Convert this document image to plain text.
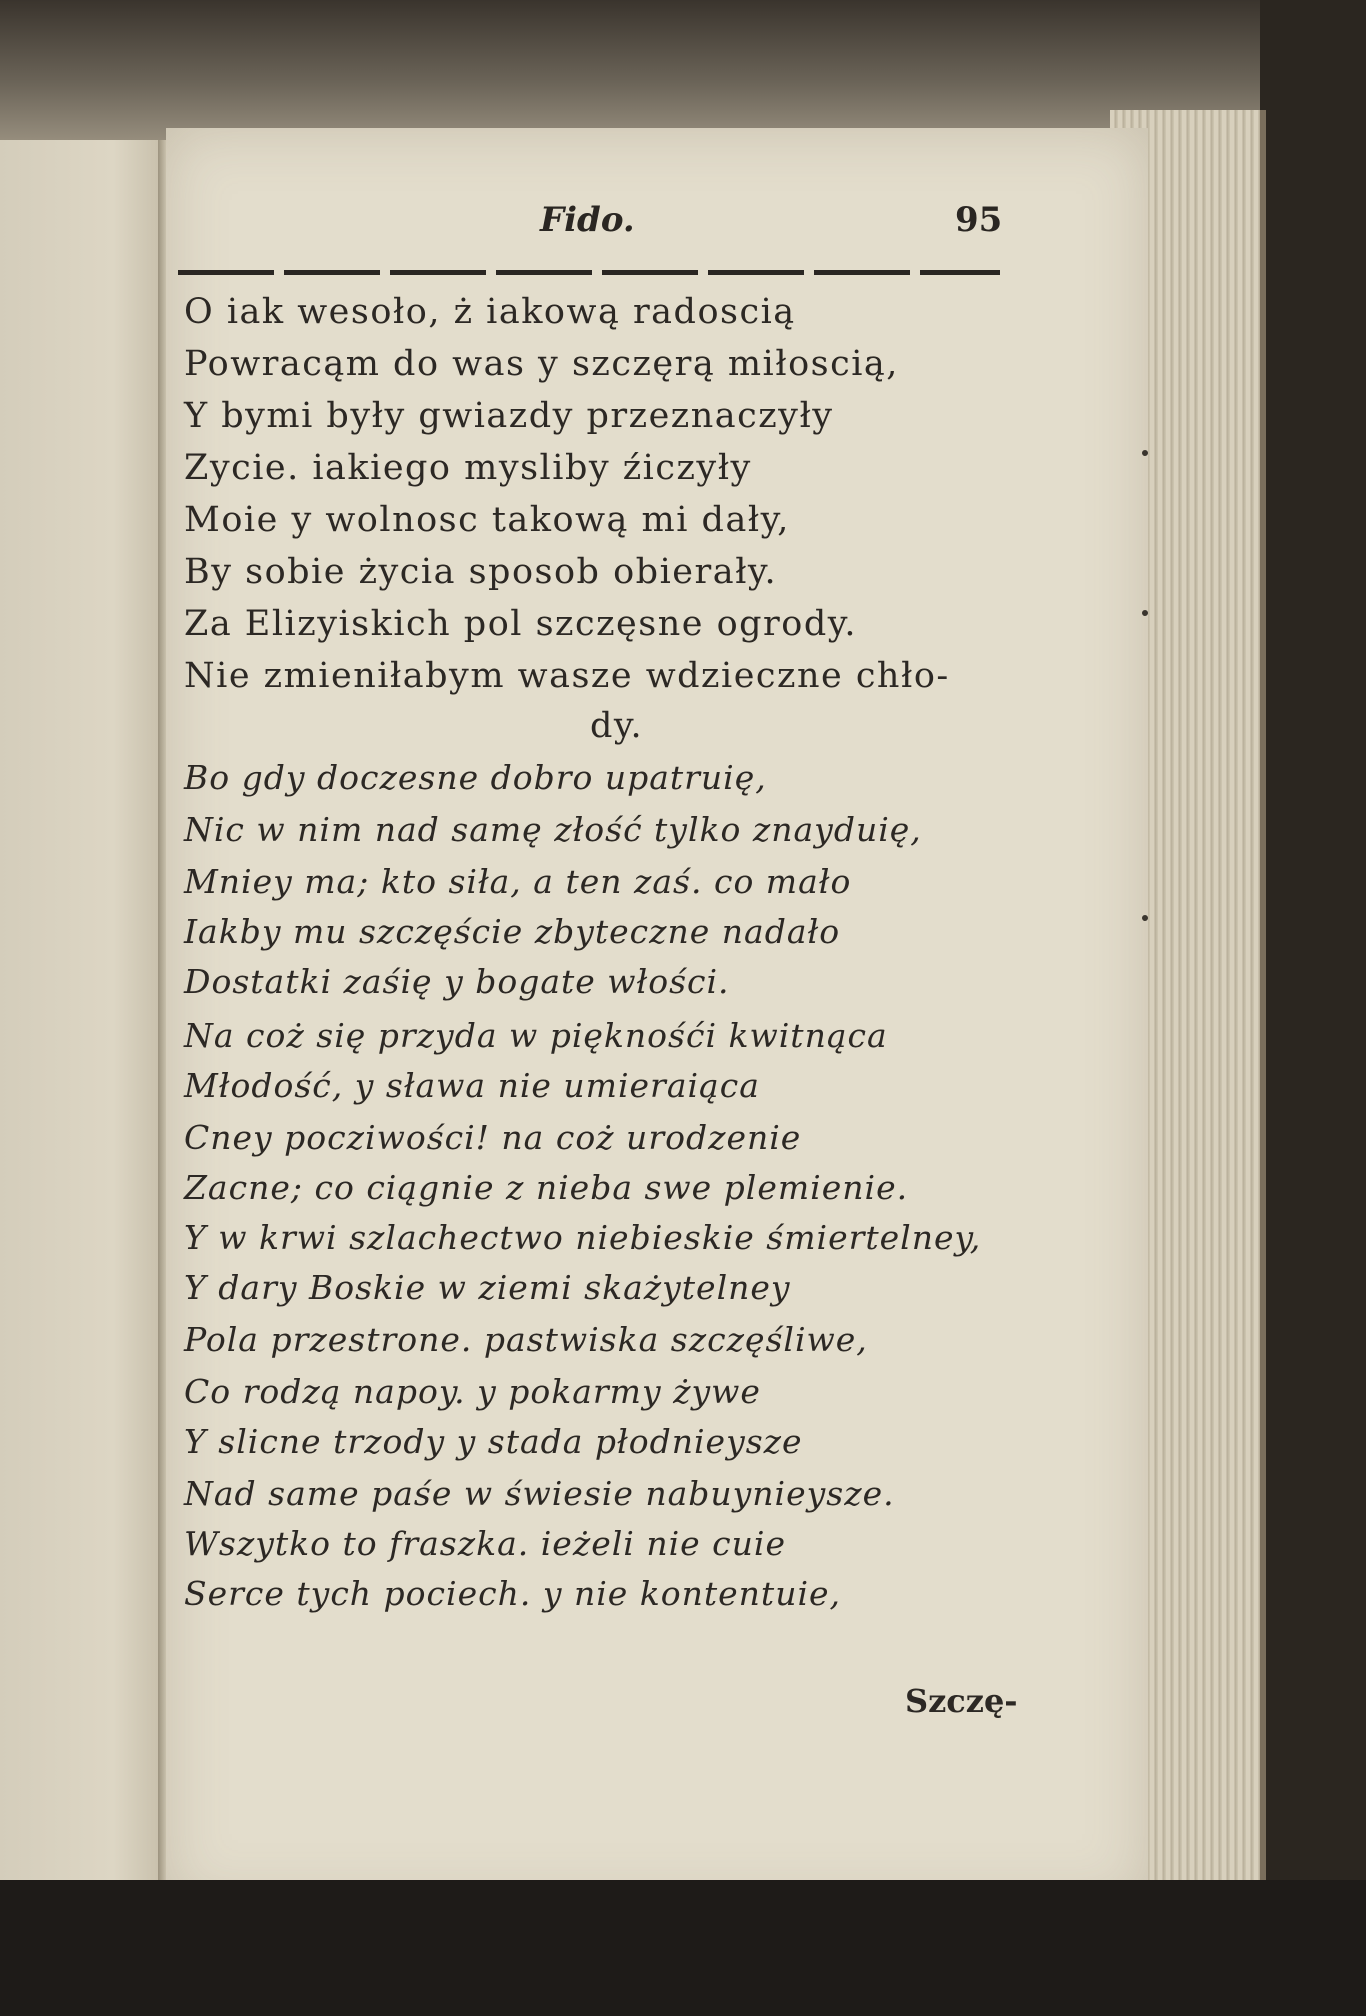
Fido.	95
O iak wesoło, ż iakową radoscią
Powracąm do was y szczęrą miłoscią,
Y bymi były gwiazdy przeznaczyły
Zycie. iakiego mysliby źiczyły
Moie y wolnosc takową mi dały,
By sobie życia sposob obierały.
Za Elizyiskich pol szczęsne ogrody.
Nie zmieniłabym wasze wdzieczne chło-
dy.
Bo gdy doczesne dobro upatruię,
Nic w nim nad samę złość tylko znayduię,
Mniey ma; kto siła, a ten zaś. co mało
Iakby mu szczęście zbyteczne nadało
Dostatki zaśię y bogate włości.
Na coż się przyda w pięknośći kwitnąca
Młodość, y sława nie umieraiąca
Cney pocziwości! na coż urodzenie
Zacne; co ciągnie z nieba swe plemienie.
Y w krwi szlachectwo niebieskie śmiertelney,
Y dary Boskie w ziemi skażytelney
Pola przestrone. pastwiska szczęśliwe,
Co rodzą napoy. y pokarmy żywe
Y slicne trzody y stada płodnieysze
Nad same paśe w świesie nabuynieysze.
Wszytko to fraszka. ieżeli nie cuie
Serce tych pociech. y nie kontentuie,
Szczę-
